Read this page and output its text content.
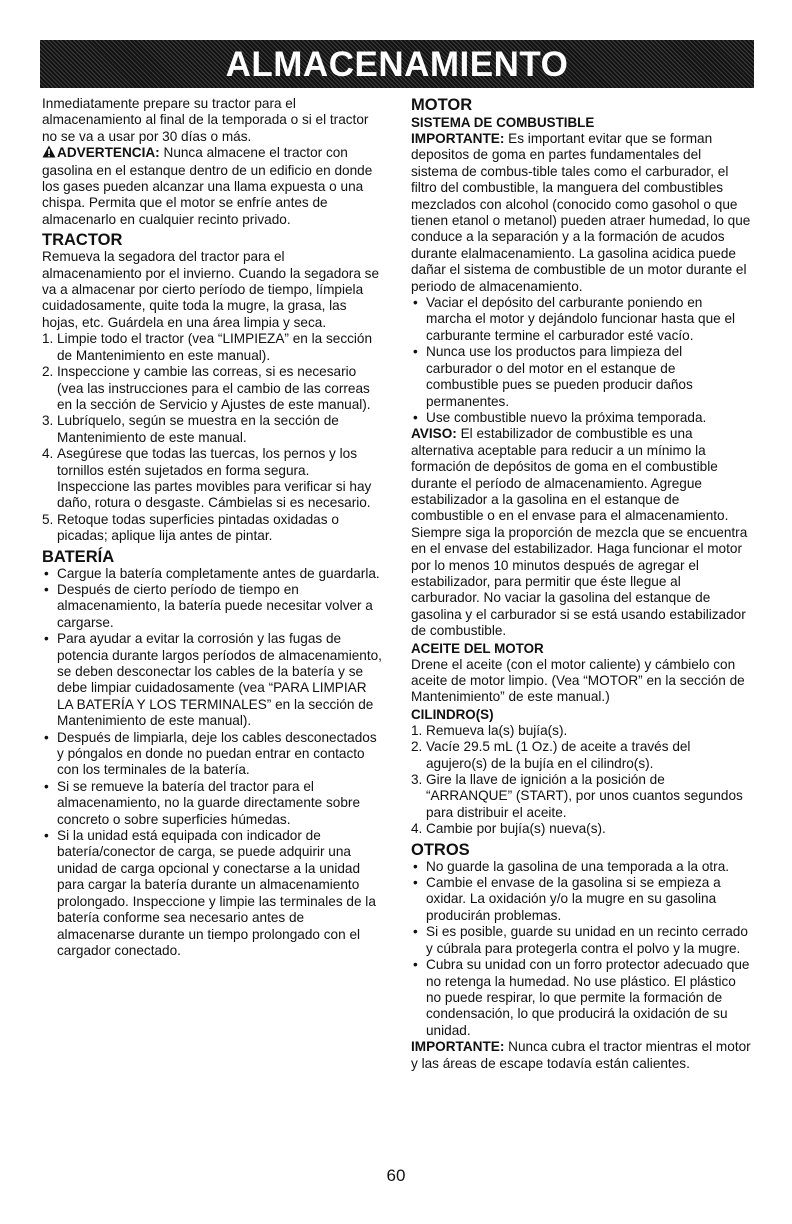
ALMACENAMIENTO

Inmediatamente prepare su tractor para el almacenamiento al final de la temporada o si el tractor no se va a usar por 30 días o más.

ADVERTENCIA: Nunca almacene el tractor con gasolina en el estanque dentro de un edificio en donde los gases pueden alcanzar una llama expuesta o una chispa. Permita que el motor se enfríe antes de almacenarlo en cualquier recinto privado.

TRACTOR

Remueva la segadora del tractor para el almacenamiento por el invierno. Cuando la segadora se va a almacenar por cierto período de tiempo, límpiela cuidadosamente, quite toda la mugre, la grasa, las hojas, etc. Guárdela en una área limpia y seca.

1. Limpie todo el tractor (vea “LIMPIEZA” en la sección de Mantenimiento en este manual).
2. Inspeccione y cambie las correas, si es necesario (vea las instrucciones para el cambio de las correas en la sección de Servicio y Ajustes de este manual).
3. Lubríquelo, según se muestra en la sección de Mantenimiento de este manual.
4. Asegúrese que todas las tuercas, los pernos y los tornillos estén sujetados en forma segura. Inspeccione las partes movibles para verificar si hay daño, rotura o desgaste. Cámbielas si es necesario.
5. Retoque todas superficies pintadas oxidadas o picadas; aplique lija antes de pintar.
BATERÍA
• Cargue la batería completamente antes de guardarla.
• Después de cierto período de tiempo en almacenamiento, la batería puede necesitar volver a cargarse.
• Para ayudar a evitar la corrosión y las fugas de potencia durante largos períodos de almacenamiento, se deben desconectar los cables de la batería y se debe limpiar cuidadosamente (vea “PARA LIMPIAR LA BATERÍA Y LOS TERMINALES” en la sección de Mantenimiento de este manual).
• Después de limpiarla, deje los cables desconectados y póngalos en donde no puedan entrar en contacto con los terminales de la batería.
• Si se remueve la batería del tractor para el almacenamiento, no la guarde directamente sobre concreto o sobre superficies húmedas.
• Si la unidad está equipada con indicador de batería/conector de carga, se puede adquirir una unidad de carga opcional y conectarse a la unidad para cargar la batería durante un almacenamiento prolongado. Inspeccione y limpie las terminales de la batería conforme sea necesario antes de almacenarse durante un tiempo prolongado con el cargador conectado.
MOTOR
SISTEMA DE COMBUSTIBLE

IMPORTANTE: Es important evitar que se forman depositos de goma en partes fundamentales del sistema de combus-tible tales como el carburador, el filtro del combustible, la manguera del combustibles mezclados con alcohol (conocido como gasohol o que tienen etanol o metanol) pueden atraer humedad, lo que conduce a la separación y a la formación de acudos durante elalmacenamiento. La gasolina acidica puede dañar el sistema de combustible de un motor durante el periodo de almacenamiento.

• Vaciar el depósito del carburante poniendo en marcha el motor y dejándolo funcionar hasta que el carburante termine el carburador esté vacío.
• Nunca use los productos para limpieza del carburador o del motor en el estanque de combustible pues se pueden producir daños permanentes.
• Use combustible nuevo la próxima temporada.

AVISO: El estabilizador de combustible es una alternativa aceptable para reducir a un mínimo la formación de depósitos de goma en el combustible durante el período de almacenamiento. Agregue estabilizador a la gasolina en el estanque de combustible o en el envase para el almacenamiento. Siempre siga la proporción de mezcla que se encuentra en el envase del estabilizador. Haga funcionar el motor por lo menos 10 minutos después de agregar el estabilizador, para permitir que éste llegue al carburador. No vaciar la gasolina del estanque de gasolina y el carburador si se está usando estabilizador de combustible.

ACEITE DEL MOTOR

Drene el aceite (con el motor caliente) y cámbielo con aceite de motor limpio. (Vea “MOTOR” en la sección de Mantenimiento” de este manual.)

CILINDRO(S)
1. Remueva la(s) bujía(s).
2. Vacíe 29.5 mL (1 Oz.) de aceite a través del agujero(s) de la bujía en el cilindro(s).
3. Gire la llave de ignición a la posición de “ARRANQUE” (START), por unos cuantos segundos para distribuir el aceite.
4. Cambie por bujía(s) nueva(s).
OTROS
• No guarde la gasolina de una temporada a la otra.
• Cambie el envase de la gasolina si se empieza a oxidar. La oxidación y/o la mugre en su gasolina producirán problemas.
• Si es posible, guarde su unidad en un recinto cerrado y cúbrala para protegerla contra el polvo y la mugre.
• Cubra su unidad con un forro protector adecuado que no retenga la humedad. No use plástico. El plástico no puede respirar, lo que permite la formación de condensación, lo que producirá la oxidación de su unidad.

IMPORTANTE: Nunca cubra el tractor mientras el motor y las áreas de escape todavía están calientes.

60
